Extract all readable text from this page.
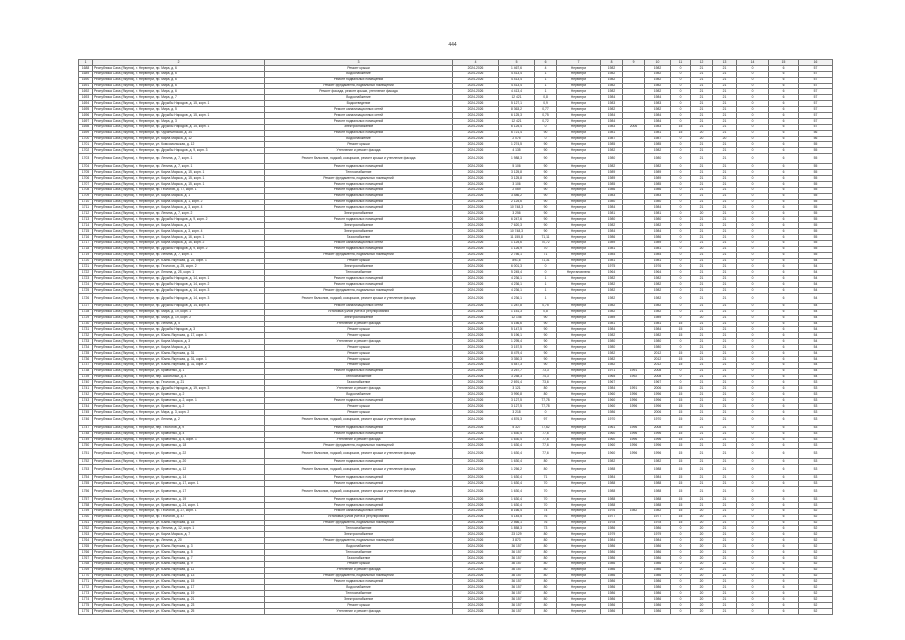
444
1	2	3	4	5	6	7	8	9	10	11	12	13	14	15	16
1688	Республика Саха (Якутия), г. Нерюнгри, пр. Мира, д. 6	Ремонт крыши	2024-2026	1 467,6	4	Нерюнгри	1982		1982	0	21	21	0	6	57
1689	Республика Саха (Якутия), г. Нерюнгри, пр. Мира, д. 6	Водоснабжение	2024-2026	4 413,4	1	Нерюнгри	1982		1982	0	21	21	0	6	57
1690	Республика Саха (Якутия), г. Нерюнгри, пр. Мира, д. 6	Ремонт подвальных помещений	2024-2026	4 413,4	1	Нерюнгри	1982		1982	0	21	21	0	6	57
1691	Республика Саха (Якутия), г. Нерюнгри, пр. Мира, д. 6	Ремонт фундамента, подвальных помещений	2024-2026	4 413,4	1	Нерюнгри	1982		1982	0	21	21	0	6	57
1692	Республика Саха (Якутия), г. Нерюнгри, пр. Мира, д. 6	Ремонт фасада, ремонт крыши, утепление фасада	2024-2026	4 413,4	1	Нерюнгри	1982		1982	0	21	21	0	6	57
1693	Республика Саха (Якутия), г. Нерюнгри, пр. Мира, д. 7	Водоснабжение	2024-2026	12 421	0,8	Нерюнгри	1984		1984	0	21	21	0	6	57
1694	Республика Саха (Якутия), г. Нерюнгри, пр. Дружбы Народов, д. 15, корп. 1	Водоотведение	2024-2026	5 127,1	0,9	Нерюнгри	1983		1983	0	21	21	0	6	57
1695	Республика Саха (Якутия), г. Нерюнгри, пр. Мира, д. 5	Ремонт канализационных сетей	2024-2026	8 363,2	0,77	Нерюнгри	1982		1982	0	21	21	0	6	57
1696	Республика Саха (Якутия), г. Нерюнгри, пр. Дружбы Народов, д. 15, корп. 1	Ремонт канализационных сетей	2024-2026	6 125,3	0,75	Нерюнгри	1984		1984	0	21	21	0	6	57
1697	Республика Саха (Якутия), г. Нерюнгри, пр. Мира, д. 3	Ремонт подвальных помещений	2024-2026	12 421	0,72	Нерюнгри	1984		1984	0	21	21	0	6	57
1698	Республика Саха (Якутия), г. Нерюнгри, пр. Дружбы Народов, д. 15, корп. 1	Электроснабжение	2024-2026	6 125,4	0	Нерюнгри	1983	2006	1983	15	21	21	0	6	57
1699	Республика Саха (Якутия), г. Нерюнгри, пр. Чурапчинская, д. 34	Ремонт подвальных помещений	2024-2026	6 721,4	90	Нерюнгри	1981		1981	15	20	21	0	6	56
1700	Республика Саха (Якутия), г. Нерюнгри, ул. Карла Маркса, д. 12	Водоснабжение	2024-2026	2 075	0	Нерюнгри	1987		1987	0	20	20	0	6	56
1701	Республика Саха (Якутия), г. Нерюнгри, ул. Комсомольская, д. 12	Ремонт крыши	2024-2026	1 274,5	90	Нерюнгри	1985		1985	0	21	21	0	6	55
1702	Республика Саха (Якутия), г. Нерюнгри, пр. Дружбы Народов, д. 9, корп. 3	Утепление и ремонт фасада	2024-2026	4 135	90	Нерюнгри	1982		1982	0	21	21	0	6	55
1703	Республика Саха (Якутия), г. Нерюнгри, пр. Ленина, д. 7, корп. 1	Ремонт балконов, лоджий, козырьков, ремонт крыши и утепление фасада	2024-2026	1 988,3	90	Нерюнгри	1980		1980	0	21	21	0	6	55
1704	Республика Саха (Якутия), г. Нерюнгри, пр. Ленина, д. 7, корп. 1	Ремонт подвальных помещений	2024-2026	5 106	90	Нерюнгри	1982		1982	0	21	21	0	6	55
1705	Республика Саха (Якутия), г. Нерюнгри, ул. Карла Маркса, д. 15, корп. 1	Теплоснабжение	2024-2026	3 125,8	90	Нерюнгри	1989		1989	0	21	21	0	6	55
1706	Республика Саха (Якутия), г. Нерюнгри, ул. Карла Маркса, д. 15, корп. 1	Ремонт фундамента, подвальных помещений	2024-2026	3 125,8	90	Нерюнгри	1989		1989	0	21	21	0	6	55
1707	Республика Саха (Якутия), г. Нерюнгри, ул. Карла Маркса, д. 15, корп. 1	Ремонт подвальных помещений	2024-2026	3 106	90	Нерюнгри	1985		1985	0	21	21	0	6	55
1708	Республика Саха (Якутия), г. Нерюнгри, пр. Геологов, д. 77, корп. 1	Ремонт подвальных помещений	2024-2026	2 069	90	Нерюнгри	1986		1986	0	21	21	0	6	55
1709	Республика Саха (Якутия), г. Нерюнгри, ул. Карла Маркса, д. 1	Ремонт подвальных помещений	2024-2026	3 486,2	90	Нерюнгри	1983		1983	0	21	21	0	6	55
1710	Республика Саха (Якутия), г. Нерюнгри, ул. Карла Маркса, д. 1, корп. 2	Ремонт подвальных помещений	2024-2026	2 125,6	90	Нерюнгри	1980		1980	0	21	21	0	6	55
1711	Республика Саха (Якутия), г. Нерюнгри, ул. Карла Маркса, д. 3, корп. 4	Ремонт подвальных помещений	2024-2026	10 748,3	90	Нерюнгри	1984		1984	0	21	21	0	6	55
1712	Республика Саха (Якутия), г. Нерюнгри, пр. Ленина, д. 7, корп. 2	Электроснабжение	2024-2026	3 256	90	Нерюнгри	1981		1981	0	20	21	0	6	55
1713	Республика Саха (Якутия), г. Нерюнгри, пр. Дружбы Народов, д. 9, корп. 2	Ремонт подвальных помещений	2024-2026	6 247,6	90	Нерюнгри	1980		1980	0	21	21	0	6	55
1714	Республика Саха (Якутия), г. Нерюнгри, ул. Карла Маркса, д. 1	Электроснабжение	2024-2026	7 620,3	90	Нерюнгри	1982		1982	0	21	21	0	6	55
1715	Республика Саха (Якутия), г. Нерюнгри, ул. Карла Маркса, д. 3, корп. 4	Электроснабжение	2024-2026	10 748,3	90	Нерюнгри	1984		1984	0	21	21	0	6	55
1716	Республика Саха (Якутия), г. Нерюнгри, ул. Карла Маркса, д. 16, корп. 1	Газоснабжение	2024-2026	11 155,8	71,11	Нерюнгри	1986		1986	0	21	21	0	6	55
1717	Республика Саха (Якутия), г. Нерюнгри, ул. Карла Маркса, д. 16, корп. 2	Ремонт канализационных сетей	2024-2026	1 125,6	70,72	Нерюнгри	1989		1989	0	21	21	0	6	55
1718	Республика Саха (Якутия), г. Нерюнгри, пр. Дружбы Народов, д. 9, корп. 2	Ремонт подвальных помещений	2024-2026	1 126,9	70	Нерюнгри	1981		1981	0	20	21	0	6	55
1719	Республика Саха (Якутия), г. Нерюнгри, пр. Ленина, д. 7, корп. 1	Ремонт фундамента, подвальных помещений	2024-2026	2 756,1	71	Нерюнгри	1984		1984	0	21	21	0	6	55
1720	Республика Саха (Якутия), г. Нерюнгри, ул. Южно-Якутская, д. 22, корп. 1	Ремонт крыши	2024-2026	891,6	71,31	Нерюнгри	1981		1981	0	21	21	0	6	54
1721	Республика Саха (Якутия), г. Нерюнгри, пр. Геологов, д. 25, корп. 2	Электроснабжение	2024-2026	6 001,3	0	Нерюнгри	1975		1976	0	21	21	0	6	54
1722	Республика Саха (Якутия), г. Нерюнгри, ул. Ленина, д. 25, корп. 1	Теплоснабжение	2024-2026	5 245,4	0	Неустановлено	1964		1964	0	21	21	0	6	54
1723	Республика Саха (Якутия), г. Нерюнгри, пр. Дружбы Народов, д. 14, корп. 1	Ремонт подвальных помещений	2024-2026	4 236,1	1	Нерюнгри	1982		1982	0	21	21	0	6	54
1724	Республика Саха (Якутия), г. Нерюнгри, пр. Дружбы Народов, д. 14, корп. 2	Ремонт подвальных помещений	2024-2026	4 236,1	1	Нерюнгри	1982		1982	0	21	21	0	6	54
1725	Республика Саха (Якутия), г. Нерюнгри, пр. Дружбы Народов, д. 14, корп. 3	Ремонт фундамента, подвальных помещений	2024-2026	4 236,1	1	Нерюнгри	1982		1982	0	21	21	0	6	54
1726	Республика Саха (Якутия), г. Нерюнгри, пр. Дружбы Народов, д. 14, корп. 3	Ремонт балконов, лоджий, козырьков, ремонт крыши и утепление фасада	2024-2026	4 236,1	1	Нерюнгри	1982		1982	0	21	21	0	6	54
1727	Республика Саха (Якутия), г. Нерюнгри, пр. Дружбы Народов, д. 14, корп. 4	Ремонт канализационных сетей	2024-2026	1 287,8	0,75	Нерюнгри	1982		1982	0	21	21	0	6	54
1728	Республика Саха (Якутия), г. Нерюнгри, пр. Мира, д. 19, корп. 1	Установка узлов учёта и регулирования	2024-2026	1 151,3	0,8	Нерюнгри	1982		1982	0	21	21	0	6	54
1729	Республика Саха (Якутия), г. Нерюнгри, пр. Мира, д. 19, корп. 2	Электроснабжение	2024-2026	12 146	90	Нерюнгри	1989		1989	0	20	21	0	6	54
1730	Республика Саха (Якутия), г. Нерюнгри, пр. Ленина, д. 5	Утепление и ремонт фасада	2024-2026	4 156,6	90	Нерюнгри	1981		1981	15	21	21	0	6	54
1731	Республика Саха (Якутия), г. Нерюнгри, пр. Дружбы Народов, д. 3	Ремонт крыши	2024-2026	5 147,5	90	Нерюнгри	1984		1984	15	21	21	0	6	54
1732	Республика Саха (Якутия), г. Нерюнгри, ул. Южно-Якутская, д. 17, корп. 1	Ремонт крыши	2024-2026	5 196,1	90	Нерюнгри	1982		1982	15	21	21	0	6	54
1733	Республика Саха (Якутия), г. Нерюнгри, ул. Карла Маркса, д. 3	Утепление и ремонт фасада	2024-2026	1 295,4	90	Нерюнгри	1980		1980	0	21	21	0	6	54
1734	Республика Саха (Якутия), г. Нерюнгри, ул. Карла Маркса, д. 3	Ремонт крыши	2024-2026	3 157,5	90	Нерюнгри	1980		1980	0	21	21	0	6	54
1735	Республика Саха (Якутия), г. Нерюнгри, ул. Южно-Якутская, д. 31	Ремонт крыши	2024-2026	8 479,4	90	Нерюнгри	1982		2012	15	21	21	0	6	54
1736	Республика Саха (Якутия), г. Нерюнгри, ул. Южно-Якутская, д. 31, корп. 1	Ремонт крыши	2024-2026	3 350,3	90	Нерюнгри	1982		2012	15	21	21	0	6	54
1737	Республика Саха (Якутия), г. Нерюнгри, ул. Южно-Якутская, д. 31, корп. 2	Ремонт крыши	2024-2026	4 547,3	90	Нерюнгри	1982		2012	15	21	21	0	6	54
1738	Республика Саха (Якутия), г. Нерюнгри, ул. Кравченко, д. 1	Ремонт подвальных помещений	2024-2026	3 257,7	73,3	Нерюнгри	1971	1991	2008	0	21	21	0	6	54
1739	Республика Саха (Якутия), г. Нерюнгри, пер. Школьный, д. 4	Теплоснабжение	2024-2026	3 258,3	74,3	Нерюнгри	1965	1992	2008	0	21	21	0	6	54
1740	Республика Саха (Якутия), г. Нерюнгри, пр. Геологов, д. 21	Газоснабжение	2024-2026	2 691,4	73,6	Нерюнгри	1967		1967	0	21	21	0	6	53
1741	Республика Саха (Якутия), г. Нерюнгри, пр. Дружбы Народов, д. 19, корп. 3	Утепление и ремонт фасада	2024-2026	3 121	80	Нерюнгри	1984	1991	2006	15	21	21	0	6	53
1742	Республика Саха (Якутия), г. Нерюнгри, ул. Кравченко, д. 2	Водоснабжение	2024-2026	3 990,8	80	Нерюнгри	1960	1996	1996	15	21	21	0	6	53
1743	Республика Саха (Якутия), г. Нерюнгри, ул. Кравченко, д. 2, корп. 1	Ремонт подвальных помещений	2024-2026	3 127,5	77,78	Нерюнгри	1960	1996	1996	15	21	21	0	6	53
1744	Республика Саха (Якутия), г. Нерюнгри, ул. Кравченко, д. 2	Ремонт крыши	2024-2026	3 127,5	77,78	Нерюнгри	1960	1996	1996	15	21	21	0	6	53
1745	Республика Саха (Якутия), г. Нерюнгри, ул. Мира, д. 3, корп. 2	Ремонт крыши	2024-2026	3 218	0	Нерюнгри	1986		2006	15	21	21	0	6	53
1746	Республика Саха (Якутия), г. Нерюнгри, ул. Ленина, д. 2	Ремонт балконов, лоджий, козырьков, ремонт крыши и утепление фасада	2024-2026	4 876,3	97	Нерюнгри	1970		1970	15	21	21	0	6	53
1747	Республика Саха (Якутия), г. Нерюнгри, пер. Геологов, д. 9	Ремонт подвальных помещений	2024-2026	5 327	77,62	Нерюнгри	1961	1996	2008	15	21	21	0	6	53
1748	Республика Саха (Якутия), г. Нерюнгри, ул. Кравченко, д. 4	Ремонт подвальных помещений	2024-2026	1 630,4	77,6	Нерюнгри	1960	1996	1996	15	21	21	0	6	53
1749	Республика Саха (Якутия), г. Нерюнгри, ул. Кравченко, д. 4, корп. 1	Утепление и ремонт фасада	2024-2026	1 630,4	77,6	Нерюнгри	1960	1996	1996	15	21	21	0	6	53
1750	Республика Саха (Якутия), г. Нерюнгри, ул. Кравченко, д. 18	Ремонт фундамента, подвальных помещений	2024-2026	1 630,4	77,6	Нерюнгри	1960	1996	1996	15	21	21	0	6	53
1751	Республика Саха (Якутия), г. Нерюнгри, ул. Кравченко, д. 22	Ремонт балконов, лоджий, козырьков, ремонт крыши и утепление фасада	2024-2026	1 630,4	77,6	Нерюнгри	1960	1996	1996	15	21	21	0	6	53
1752	Республика Саха (Якутия), г. Нерюнгри, ул. Кравченко, д. 20	Ремонт подвальных помещений	2024-2026	1 630,4	80	Нерюнгри	1982		1982	15	21	21	0	6	53
1753	Республика Саха (Якутия), г. Нерюнгри, ул. Кравченко, д. 12	Ремонт балконов, лоджий, козырьков, ремонт крыши и утепление фасада	2024-2026	1 256,2	80	Нерюнгри	1988		1988	15	21	21	0	6	53
1754	Республика Саха (Якутия), г. Нерюнгри, ул. Кравченко, д. 14	Ремонт подвальных помещений	2024-2026	1 630,4	71	Нерюнгри	1984		1984	15	21	21	0	6	53
1755	Республика Саха (Якутия), г. Нерюнгри, ул. Кравченко, д. 17, корп. 1	Ремонт подвальных помещений	2024-2026	1 630,4	70	Нерюнгри	1988		1988	15	21	21	0	6	53
1756	Республика Саха (Якутия), г. Нерюнгри, ул. Кравченко, д. 17	Ремонт балконов, лоджий, козырьков, ремонт крыши и утепление фасада	2024-2026	1 630,4	70	Нерюнгри	1988		1988	15	21	21	0	6	53
1757	Республика Саха (Якутия), г. Нерюнгри, ул. Кравченко, д. 19	Ремонт подвальных помещений	2024-2026	1 630,4	70	Нерюнгри	1988		1988	15	21	21	0	6	53
1758	Республика Саха (Якутия), г. Нерюнгри, ул. Кравченко, д. 24, корп. 1	Ремонт подвальных помещений	2024-2026	1 630,4	70	Нерюнгри	1988		1988	15	21	21	0	6	53
1759	Республика Саха (Якутия), г. Нерюнгри, пр. Геологов, д. 27, корп. 1	Ремонт канализационных сетей	2024-2026	8 166,4	74	Нерюнгри	1976	1982	1982	15	20	21	0	6	52
1760	Республика Саха (Якутия), г. Нерюнгри, пр. Геологов, д. 47	Установка узлов учёта и регулирования	2024-2026	4 145,5	76	Нерюнгри	1977		1977	15	20	21	0	6	52
1761	Республика Саха (Якутия), г. Нерюнгри, ул. Южно-Якутская, д. 15	Ремонт фундамента, подвальных помещений	2024-2026	2 566,1	76	Нерюнгри	1978		1978	15	20	21	0	6	52
1762	Республика Саха (Якутия), г. Нерюнгри, пр. Ленина, д. 12, корп. 1	Теплоснабжение	2024-2026	1 858,3	73	Нерюнгри	1986		1986	0	20	21	0	6	52
1763	Республика Саха (Якутия), г. Нерюнгри, ул. Карла Маркса, д. 7	Электроснабжение	2024-2026	23 129	80	Нерюнгри	1979		1979	0	20	21	0	6	52
1764	Республика Саха (Якутия), г. Нерюнгри, пр. Ленина, д. 20	Ремонт фундамента, подвальных помещений	2024-2026	3 873	80	Нерюнгри	1984		1984	0	20	21	0	6	52
1765	Республика Саха (Якутия), г. Нерюнгри, ул. Южно-Якутская, д. 3	Водоснабжение	2024-2026	36 157	80	Нерюнгри	1986		1986	0	20	21	0	6	52
1766	Республика Саха (Якутия), г. Нерюнгри, ул. Южно-Якутская, д. 5	Теплоснабжение	2024-2026	36 157	80	Нерюнгри	1986		1986	0	20	21	0	6	52
1767	Республика Саха (Якутия), г. Нерюнгри, ул. Южно-Якутская, д. 7	Газоснабжение	2024-2026	36 157	80	Нерюнгри	1986		1986	0	20	21	0	6	52
1768	Республика Саха (Якутия), г. Нерюнгри, ул. Южно-Якутская, д. 9	Ремонт крыши	2024-2026	36 157	80	Нерюнгри	1986		1986	0	20	21	0	6	52
1769	Республика Саха (Якутия), г. Нерюнгри, ул. Южно-Якутская, д. 11	Утепление и ремонт фасада	2024-2026	36 157	80	Нерюнгри	1986		1986	0	20	21	0	6	52
1770	Республика Саха (Якутия), г. Нерюнгри, ул. Южно-Якутская, д. 13	Ремонт фундамента, подвальных помещений	2024-2026	36 157	80	Нерюнгри	1986		1986	0	20	21	0	6	52
1771	Республика Саха (Якутия), г. Нерюнгри, ул. Южно-Якутская, д. 15	Ремонт подвальных помещений	2024-2026	36 157	80	Нерюнгри	1986		1986	0	20	21	0	6	52
1772	Республика Саха (Якутия), г. Нерюнгри, ул. Южно-Якутская, д. 17	Водоснабжение	2024-2026	36 157	80	Нерюнгри	1986		1986	0	20	21	0	6	52
1773	Республика Саха (Якутия), г. Нерюнгри, ул. Южно-Якутская, д. 19	Теплоснабжение	2024-2026	36 157	80	Нерюнгри	1986		1986	0	20	21	0	6	52
1774	Республика Саха (Якутия), г. Нерюнгри, ул. Южно-Якутская, д. 21	Электроснабжение	2024-2026	36 157	80	Нерюнгри	1986		1986	0	20	21	0	6	52
1775	Республика Саха (Якутия), г. Нерюнгри, ул. Южно-Якутская, д. 23	Ремонт крыши	2024-2026	36 157	80	Нерюнгри	1986		1986	0	20	21	0	6	52
1776	Республика Саха (Якутия), г. Нерюнгри, ул. Южно-Якутская, д. 25	Утепление и ремонт фасада	2024-2026	36 157	80	Нерюнгри	1986		1986	0	20	21	0	6	52
